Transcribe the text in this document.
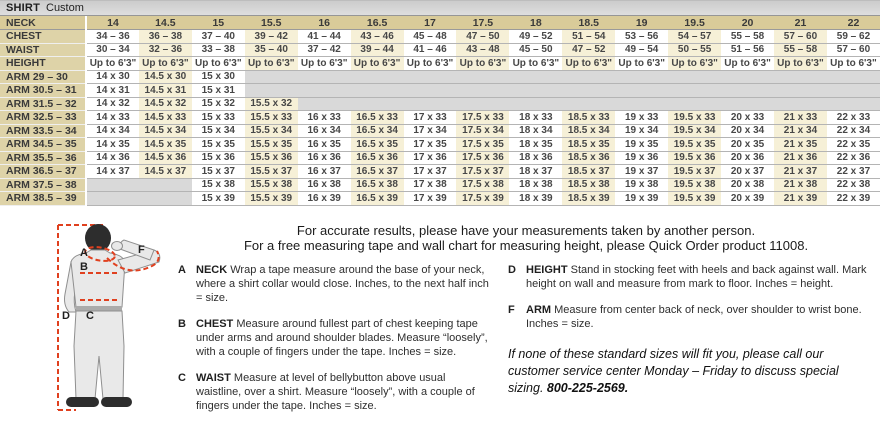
SHIRT Custom
NECK	14	14.5	15	15.5	16	16.5	17	17.5	18	18.5	19	19.5	20	21	22
CHEST	34 – 36	36 – 38	37 – 40	39 – 42	41 – 44	43 – 46	45 – 48	47 – 50	49 – 52	51 – 54	53 – 56	54 – 57	55 – 58	57 – 60	59 – 62
WAIST	30 – 34	32 – 36	33 – 38	35 – 40	37 – 42	39 – 44	41 – 46	43 – 48	45 – 50	47 – 52	49 – 54	50 – 55	51 – 56	55 – 58	57 – 60
HEIGHT	Up to 6'3"	Up to 6'3"	Up to 6'3"	Up to 6'3"	Up to 6'3"	Up to 6'3"	Up to 6'3"	Up to 6'3"	Up to 6'3"	Up to 6'3"	Up to 6'3"	Up to 6'3"	Up to 6'3"	Up to 6'3"	Up to 6'3"
ARM 29 – 30	14 x 30	14.5 x 30	15 x 30												
ARM 30.5 – 31	14 x 31	14.5 x 31	15 x 31												
ARM 31.5 – 32	14 x 32	14.5 x 32	15 x 32	15.5 x 32											
ARM 32.5 – 33	14 x 33	14.5 x 33	15 x 33	15.5 x 33	16 x 33	16.5 x 33	17 x 33	17.5 x 33	18 x 33	18.5 x 33	19 x 33	19.5 x 33	20 x 33	21 x 33	22 x 33
ARM 33.5 – 34	14 x 34	14.5 x 34	15 x 34	15.5 x 34	16 x 34	16.5 x 34	17 x 34	17.5 x 34	18 x 34	18.5 x 34	19 x 34	19.5 x 34	20 x 34	21 x 34	22 x 34
ARM 34.5 – 35	14 x 35	14.5 x 35	15 x 35	15.5 x 35	16 x 35	16.5 x 35	17 x 35	17.5 x 35	18 x 35	18.5 x 35	19 x 35	19.5 x 35	20 x 35	21 x 35	22 x 35
ARM 35.5 – 36	14 x 36	14.5 x 36	15 x 36	15.5 x 36	16 x 36	16.5 x 36	17 x 36	17.5 x 36	18 x 36	18.5 x 36	19 x 36	19.5 x 36	20 x 36	21 x 36	22 x 36
ARM 36.5 – 37	14 x 37	14.5 x 37	15 x 37	15.5 x 37	16 x 37	16.5 x 37	17 x 37	17.5 x 37	18 x 37	18.5 x 37	19 x 37	19.5 x 37	20 x 37	21 x 37	22 x 37
ARM 37.5 – 38			15 x 38	15.5 x 38	16 x 38	16.5 x 38	17 x 38	17.5 x 38	18 x 38	18.5 x 38	19 x 38	19.5 x 38	20 x 38	21 x 38	22 x 38
ARM 38.5 – 39			15 x 39	15.5 x 39	16 x 39	16.5 x 39	17 x 39	17.5 x 39	18 x 39	18.5 x 39	19 x 39	19.5 x 39	20 x 39	21 x 39	22 x 39
A
B
C
D
F
For accurate results, please have your measurements taken by another person.
For a free measuring tape and wall chart for measuring height, please Quick Order product 11008.
A NECK Wrap a tape measure around the base of your neck, where a shirt collar would close. Inches, to the next half inch = size.
B CHEST Measure around fullest part of chest keeping tape under arms and around shoulder blades. Measure “loosely”, with a couple of fingers under the tape. Inches = size.
C WAIST Measure at level of bellybutton above usual waistline, over a shirt. Measure “loosely”, with a couple of fingers under the tape. Inches = size.
D HEIGHT Stand in stocking feet with heels and back against wall. Mark height on wall and measure from mark to floor. Inches = height.
F	ARM Measure from center back of neck, over shoulder to wrist bone. Inches = size.
If none of these standard sizes will fit you, please call our customer service center Monday – Friday to discuss special sizing. 800-225-2569.
